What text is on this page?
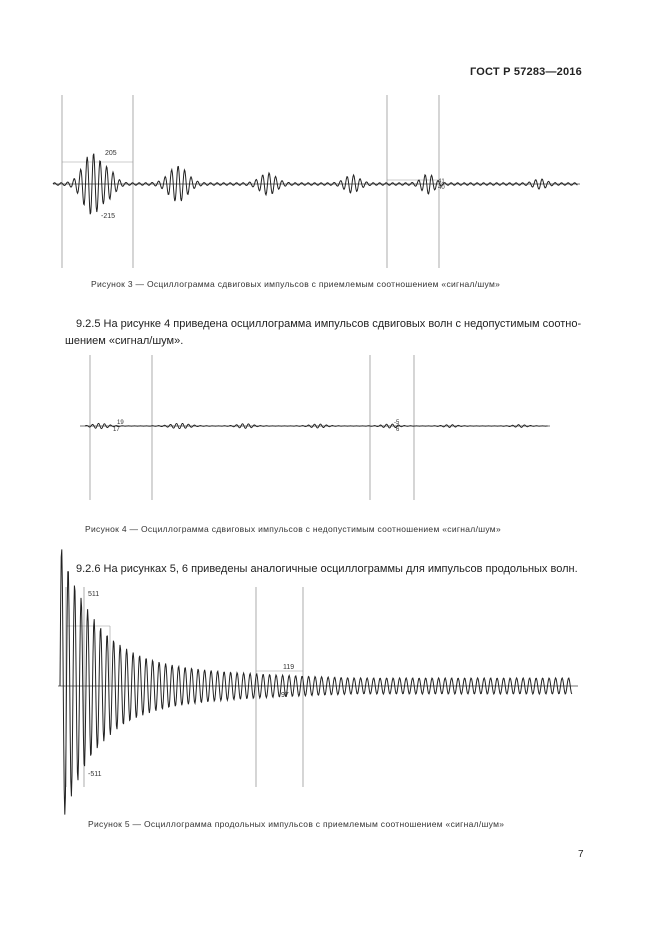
ГОСТ Р 57283—2016
205
-215
41
40
19
17
-5
6
511
-511
119
97
Рисунок 3 — Осциллограмма сдвиговых импульсов с приемлемым соотношением «сигнал/шум»
9.2.5 На рисунке 4 приведена осциллограмма импульсов сдвиговых волн с недопустимым соотно-
шением «сигнал/шум».
Рисунок 4 — Осциллограмма сдвиговых импульсов с недопустимым соотношением «сигнал/шум»
9.2.6 На рисунках 5, 6 приведены аналогичные осциллограммы для импульсов продольных волн.
Рисунок 5 — Осциллограмма продольных импульсов с приемлемым соотношением «сигнал/шум»
7
